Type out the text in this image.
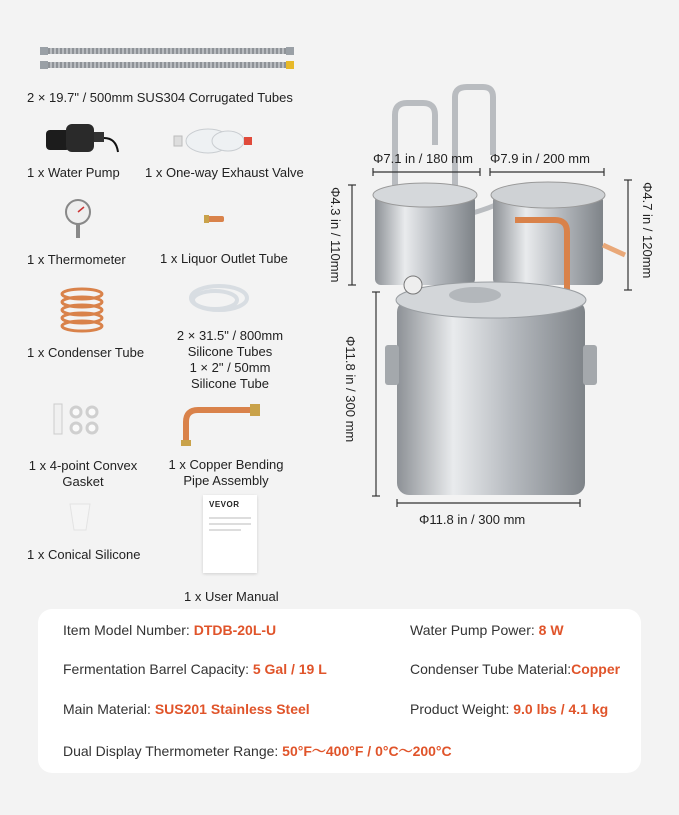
2 × 19.7" / 500mm SUS304 Corrugated Tubes
1 x Water Pump 1 x One-way Exhaust Valve
1 x Thermometer	1 x Liquor Outlet Tube
1 x Condenser Tube
2 × 31.5" / 800mm
Silicone Tubes
1 × 2" / 50mm
Silicone Tube
1 x 4-point Convex
Gasket
1 x Copper Bending
Pipe Assembly
1 x Conical Silicone
VEVOR
1 x User Manual
Φ7.1 in / 180 mm Φ7.9 in / 200 mm
Φ4.3 in / 110mm	Φ4.7 in / 120mm
Φ11.8 in / 300 mm
Φ11.8 in / 300 mm
Item Model Number: DTDB-20L-U	Water Pump Power: 8 W
Fermentation Barrel Capacity: 5 Gal / 19 L	Condenser Tube Material:Copper
Main Material: SUS201 Stainless Steel	Product Weight: 9.0 lbs / 4.1 kg
Dual Display Thermometer Range: 50°F～400°F / 0°C～200°C
